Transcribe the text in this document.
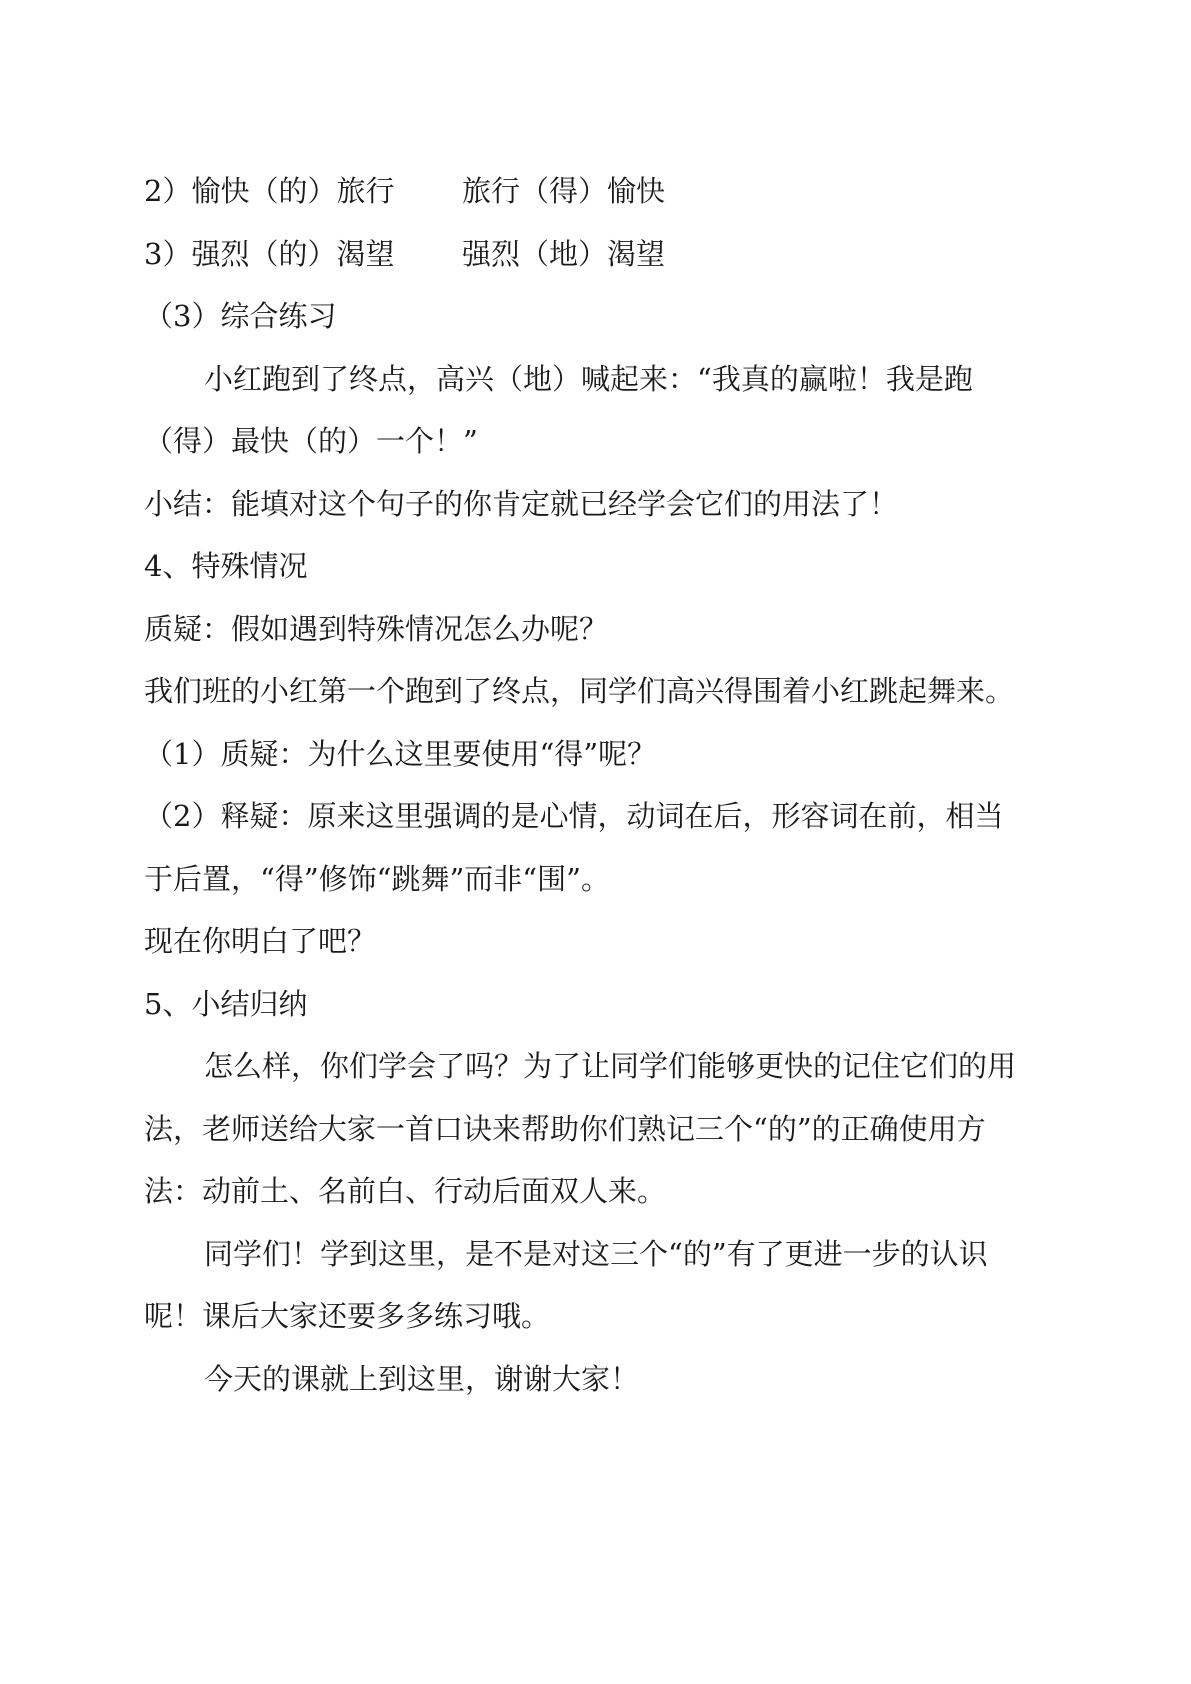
2）愉快（的）旅行 旅行（得）愉快
3）强烈（的）渴望 强烈（地）渴望
（3）综合练习
小红跑到了终点，高兴（地）喊起来：“我真的赢啦！我是跑
（得）最快（的）一个！”
小结：能填对这个句子的你肯定就已经学会它们的用法了！
4、特殊情况
质疑：假如遇到特殊情况怎么办呢？
我们班的小红第一个跑到了终点，同学们高兴得围着小红跳起舞来。
（1）质疑：为什么这里要使用“得”呢？
（2）释疑：原来这里强调的是心情，动词在后，形容词在前，相当
于后置，“得”修饰“跳舞”而非“围”。
现在你明白了吧？
5、小结归纳
怎么样，你们学会了吗？为了让同学们能够更快的记住它们的用
法，老师送给大家一首口诀来帮助你们熟记三个“的”的正确使用方
法：动前土、名前白、行动后面双人来。
同学们！学到这里，是不是对这三个“的”有了更进一步的认识
呢！课后大家还要多多练习哦。
今天的课就上到这里，谢谢大家！
